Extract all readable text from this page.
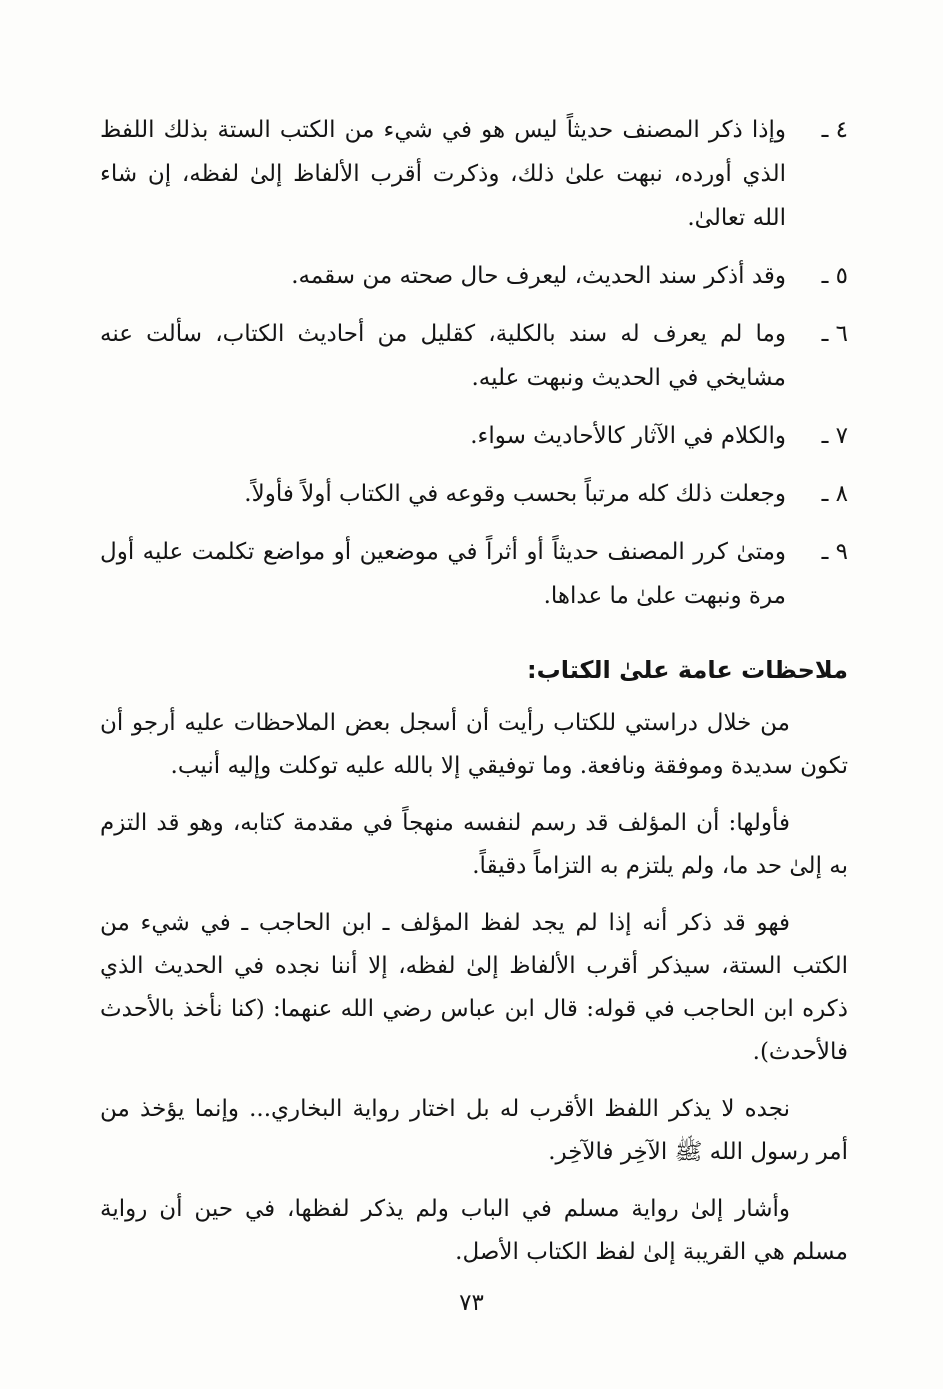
٤ ـ
وإذا ذكر المصنف حديثاً ليس هو في شيء من الكتب الستة بذلك اللفظ الذي أورده، نبهت علىٰ ذلك، وذكرت أقرب الألفاظ إلىٰ لفظه، إن شاء الله تعالىٰ.
٥ ـ
وقد أذكر سند الحديث، ليعرف حال صحته من سقمه.
٦ ـ
وما لم يعرف له سند بالكلية، كقليل من أحاديث الكتاب، سألت عنه مشايخي في الحديث ونبهت عليه.
٧ ـ
والكلام في الآثار كالأحاديث سواء.
٨ ـ
وجعلت ذلك كله مرتباً بحسب وقوعه في الكتاب أولاً فأولاً.
٩ ـ
ومتىٰ كرر المصنف حديثاً أو أثراً في موضعين أو مواضع تكلمت عليه أول مرة ونبهت علىٰ ما عداها.
ملاحظات عامة علىٰ الكتاب:

من خلال دراستي للكتاب رأيت أن أسجل بعض الملاحظات عليه أرجو أن تكون سديدة وموفقة ونافعة. وما توفيقي إلا بالله عليه توكلت وإليه أنيب.

فأولها: أن المؤلف قد رسم لنفسه منهجاً في مقدمة كتابه، وهو قد التزم به إلىٰ حد ما، ولم يلتزم به التزاماً دقيقاً.

فهو قد ذكر أنه إذا لم يجد لفظ المؤلف ـ ابن الحاجب ـ في شيء من الكتب الستة، سيذكر أقرب الألفاظ إلىٰ لفظه، إلا أننا نجده في الحديث الذي ذكره ابن الحاجب في قوله: قال ابن عباس رضي الله عنهما: (كنا نأخذ بالأحدث فالأحدث).

نجده لا يذكر اللفظ الأقرب له بل اختار رواية البخاري... وإنما يؤخذ من أمر رسول الله ﷺ الآخِر فالآخِر.

وأشار إلىٰ رواية مسلم في الباب ولم يذكر لفظها، في حين أن رواية مسلم هي القريبة إلىٰ لفظ الكتاب الأصل.

٧٣
